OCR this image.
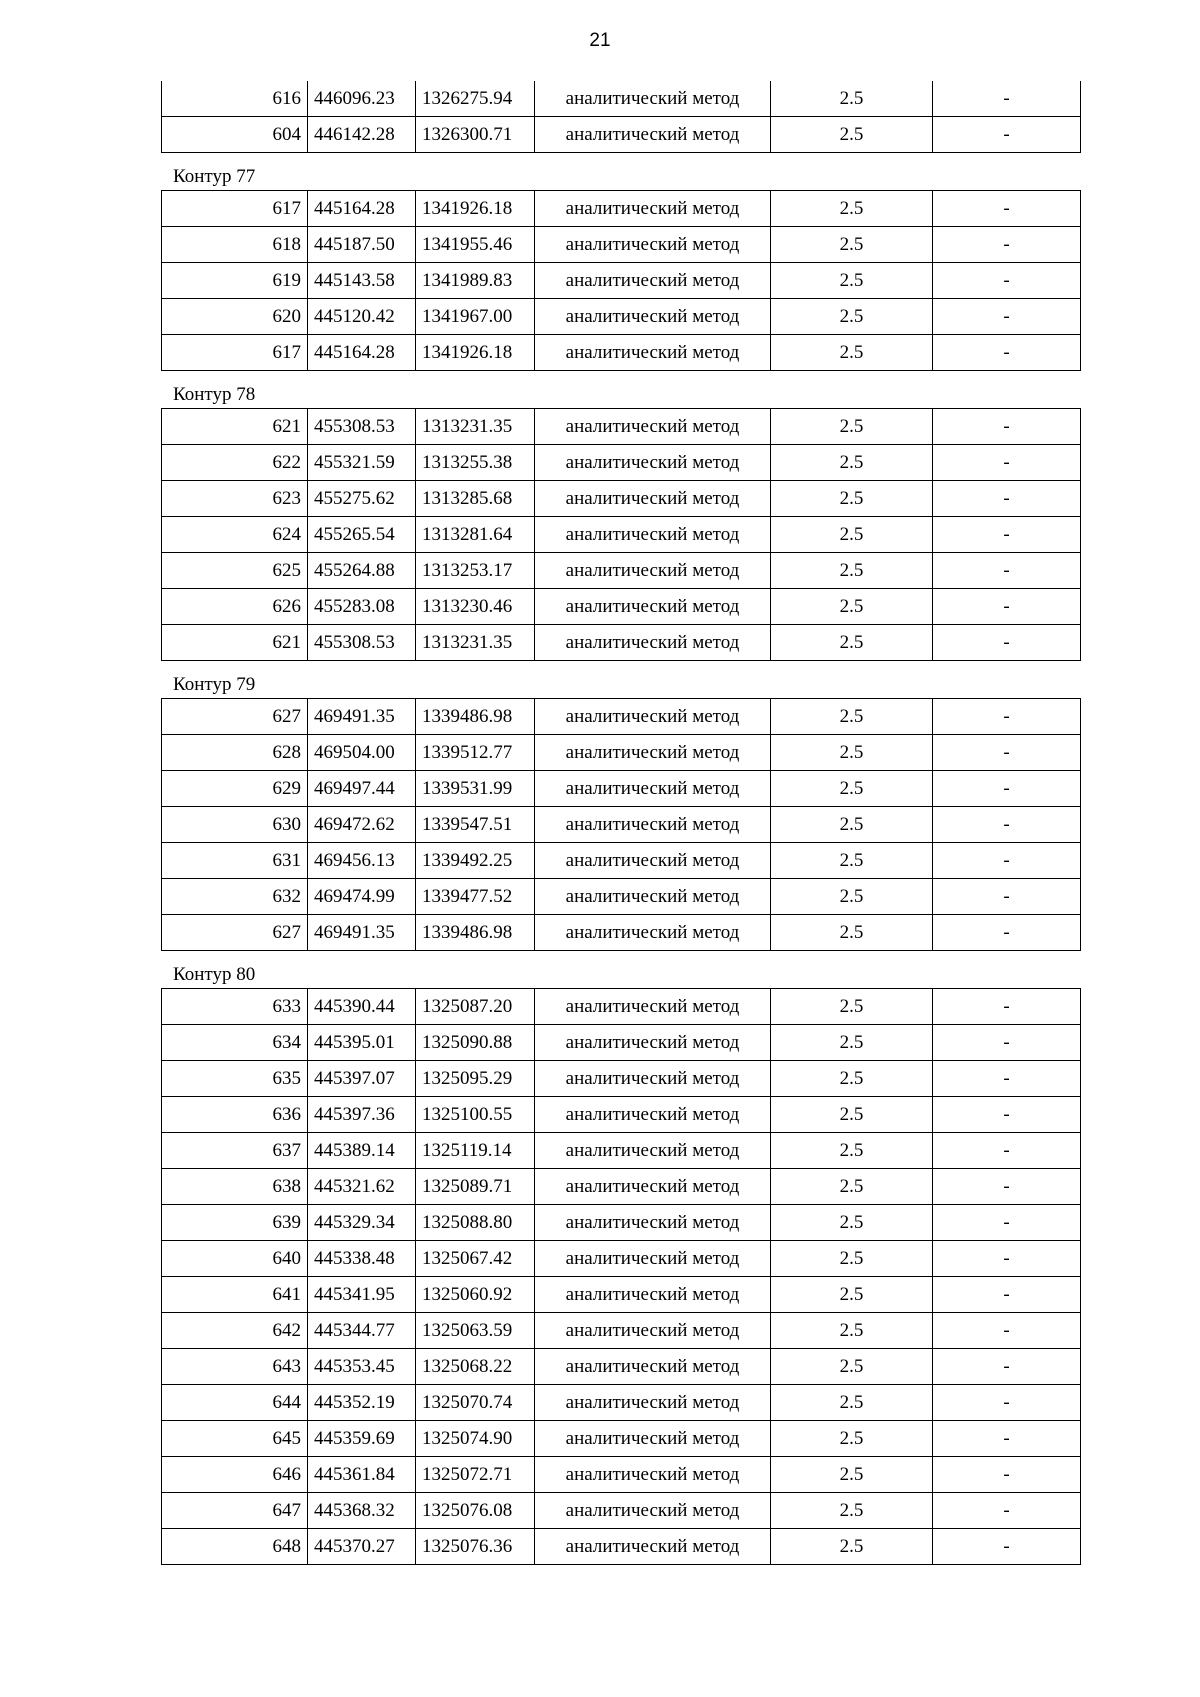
21
616	446096.23	1326275.94	аналитический метод	2.5	-
604	446142.28	1326300.71	аналитический метод	2.5	-
Контур 77
617	445164.28	1341926.18	аналитический метод	2.5	-
618	445187.50	1341955.46	аналитический метод	2.5	-
619	445143.58	1341989.83	аналитический метод	2.5	-
620	445120.42	1341967.00	аналитический метод	2.5	-
617	445164.28	1341926.18	аналитический метод	2.5	-
Контур 78
621	455308.53	1313231.35	аналитический метод	2.5	-
622	455321.59	1313255.38	аналитический метод	2.5	-
623	455275.62	1313285.68	аналитический метод	2.5	-
624	455265.54	1313281.64	аналитический метод	2.5	-
625	455264.88	1313253.17	аналитический метод	2.5	-
626	455283.08	1313230.46	аналитический метод	2.5	-
621	455308.53	1313231.35	аналитический метод	2.5	-
Контур 79
627	469491.35	1339486.98	аналитический метод	2.5	-
628	469504.00	1339512.77	аналитический метод	2.5	-
629	469497.44	1339531.99	аналитический метод	2.5	-
630	469472.62	1339547.51	аналитический метод	2.5	-
631	469456.13	1339492.25	аналитический метод	2.5	-
632	469474.99	1339477.52	аналитический метод	2.5	-
627	469491.35	1339486.98	аналитический метод	2.5	-
Контур 80
633	445390.44	1325087.20	аналитический метод	2.5	-
634	445395.01	1325090.88	аналитический метод	2.5	-
635	445397.07	1325095.29	аналитический метод	2.5	-
636	445397.36	1325100.55	аналитический метод	2.5	-
637	445389.14	1325119.14	аналитический метод	2.5	-
638	445321.62	1325089.71	аналитический метод	2.5	-
639	445329.34	1325088.80	аналитический метод	2.5	-
640	445338.48	1325067.42	аналитический метод	2.5	-
641	445341.95	1325060.92	аналитический метод	2.5	-
642	445344.77	1325063.59	аналитический метод	2.5	-
643	445353.45	1325068.22	аналитический метод	2.5	-
644	445352.19	1325070.74	аналитический метод	2.5	-
645	445359.69	1325074.90	аналитический метод	2.5	-
646	445361.84	1325072.71	аналитический метод	2.5	-
647	445368.32	1325076.08	аналитический метод	2.5	-
648	445370.27	1325076.36	аналитический метод	2.5	-
